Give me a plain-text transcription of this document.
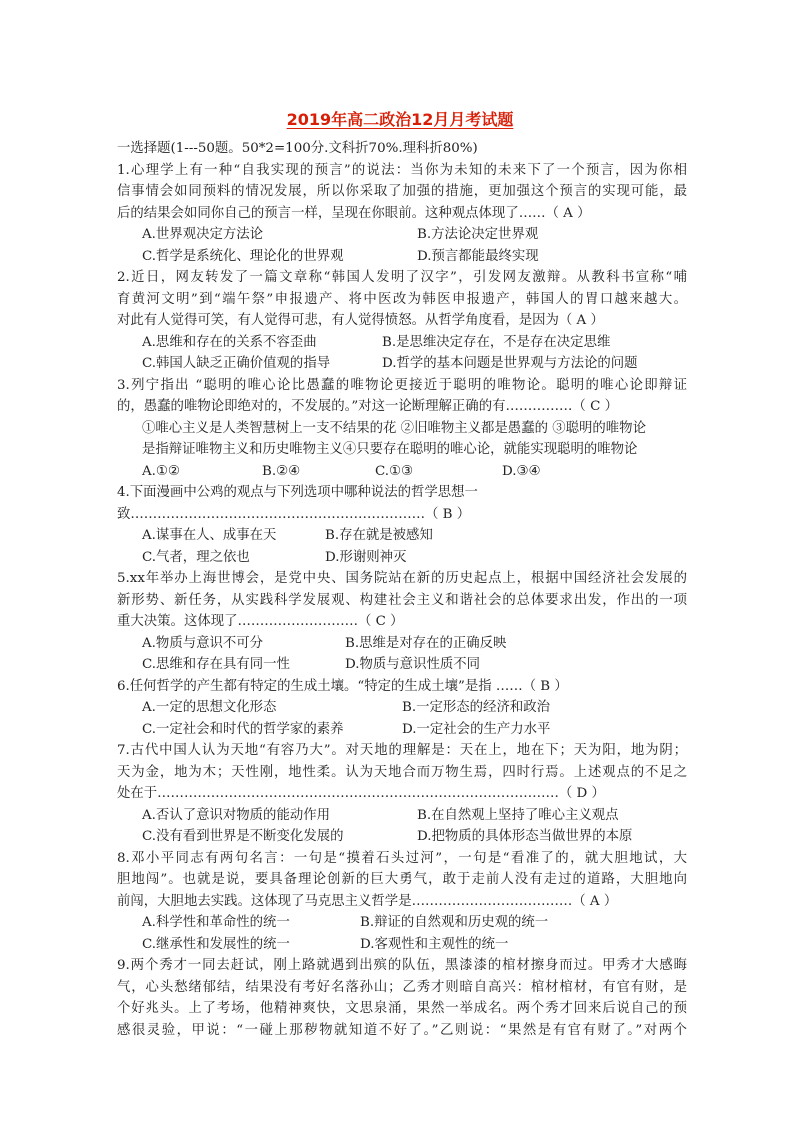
2019年高二政治12月月考试题
一选择题(1---50题。50*2=100分.文科折70%.理科折80%)
1.心理学上有一种“自我实现的预言”的说法：当你为未知的未来下了一个预言，因为你相
信事情会如同预料的情况发展，所以你采取了加强的措施，更加强这个预言的实现可能，最
后的结果会如同你自己的预言一样，呈现在你眼前。这种观点体现了……（ A ）
A.世界观决定方法论	B.方法论决定世界观
C.哲学是系统化、理论化的世界观	D.预言都能最终实现
2.近日，网友转发了一篇文章称“韩国人发明了汉字”，引发网友激辩。从教科书宣称“哺
育黄河文明”到“端午祭”申报遗产、将中医改为韩医申报遗产，韩国人的胃口越来越大。
对此有人觉得可笑，有人觉得可悲，有人觉得愤怒。从哲学角度看，是因为（ A ）
A.思维和存在的关系不容歪曲	B.是思维决定存在，不是存在决定思维
C.韩国人缺乏正确价值观的指导	D.哲学的基本问题是世界观与方法论的问题
3.列宁指出 “聪明的唯心论比愚蠢的唯物论更接近于聪明的唯物论。聪明的唯心论即辩证
的，愚蠢的唯物论即绝对的，不发展的。”对这一论断理解正确的有……………（ C ）
①唯心主义是人类智慧树上一支不结果的花 ②旧唯物主义都是愚蠢的 ③聪明的唯物论
是指辩证唯物主义和历史唯物主义④只要存在聪明的唯心论，就能实现聪明的唯物论
A.①②	B.②④	C.①③	D.③④
4.下面漫画中公鸡的观点与下列选项中哪种说法的哲学思想一
致…………………………………………………………（ B ）
A.谋事在人、成事在天	B.存在就是被感知
C.气者，理之依也	D.形谢则神灭
5.xx年举办上海世博会，是党中央、国务院站在新的历史起点上，根据中国经济社会发展的
新形势、新任务，从实践科学发展观、构建社会主义和谐社会的总体要求出发，作出的一项
重大决策。这体现了………………………（ C ）
A.物质与意识不可分	B.思维是对存在的正确反映
C.思维和存在具有同一性	D.物质与意识性质不同
6.任何哲学的产生都有特定的生成土壤。“特定的生成土壤”是指 ……（ B ）
A.一定的思想文化形态	B.一定形态的经济和政治
C.一定社会和时代的哲学家的素养	D.一定社会的生产力水平
7.古代中国人认为天地“有容乃大”。对天地的理解是：天在上，地在下；天为阳，地为阴；
天为金，地为木；天性刚，地性柔。认为天地合而万物生焉，四时行焉。上述观点的不足之
处在于………………………………………………………………………………（ D ）
A.否认了意识对物质的能动作用	B.在自然观上坚持了唯心主义观点
C.没有看到世界是不断变化发展的	D.把物质的具体形态当做世界的本原
8.邓小平同志有两句名言：一句是“摸着石头过河”，一句是“看准了的，就大胆地试，大
胆地闯”。也就是说，要具备理论创新的巨大勇气，敢于走前人没有走过的道路，大胆地向
前闯，大胆地去实践。这体现了马克思主义哲学是………………………………（ A ）
A.科学性和革命性的统一	B.辩证的自然观和历史观的统一
C.继承性和发展性的统一	D.客观性和主观性的统一
9.两个秀才一同去赶试，刚上路就遇到出殡的队伍，黑漆漆的棺材擦身而过。甲秀才大感晦
气，心头愁绪郁结，结果没有考好名落孙山；乙秀才则暗自高兴：棺材棺材，有官有财，是
个好兆头。上了考场，他精神爽快，文思泉涌，果然一举成名。两个秀才回来后说自己的预
感很灵验，甲说：“一碰上那秽物就知道不好了。”乙则说：“果然是有官有财了。”对两个
